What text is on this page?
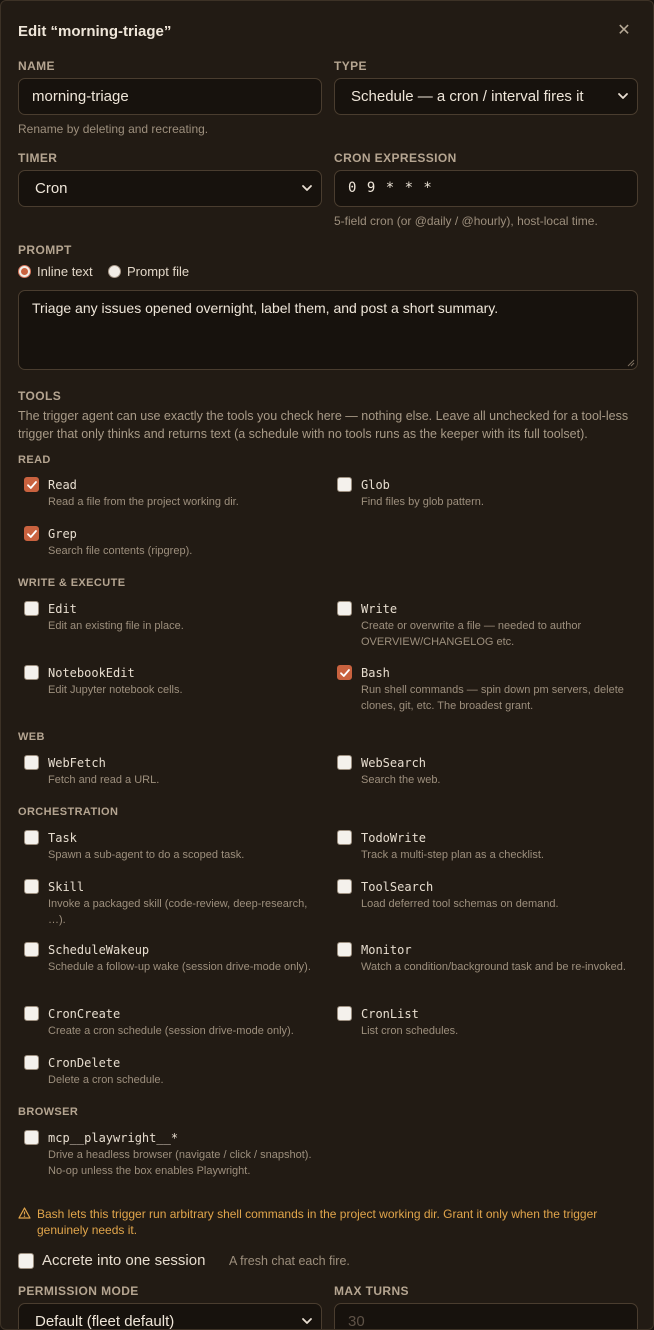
Edit “morning-triage”	✕
NAME	TYPE
morning-triage	Schedule — a cron / interval fires it
Rename by deleting and recreating.
TIMER	CRON EXPRESSION
Cron	0 9 * * *
5-field cron (or @daily / @hourly), host-local time.
PROMPT
Inline text	Prompt file
Triage any issues opened overnight, label them, and post a short summary.
TOOLS
The trigger agent can use exactly the tools you check here — nothing else. Leave all unchecked for a tool-less trigger that only thinks and returns text (a schedule with no tools runs as the keeper with its full toolset).
READ
WRITE & EXECUTE
WEB
ORCHESTRATION
BROWSER
Read
Read a file from the project working dir.
Glob
Find files by glob pattern.
Grep
Search file contents (ripgrep).
Edit
Edit an existing file in place.
Write
Create or overwrite a file — needed to author OVERVIEW/CHANGELOG etc.
NotebookEdit
Edit Jupyter notebook cells.
Bash
Run shell commands — spin down pm servers, delete clones, git, etc. The broadest grant.
WebFetch
Fetch and read a URL.
WebSearch
Search the web.
Task
Spawn a sub-agent to do a scoped task.
TodoWrite
Track a multi-step plan as a checklist.
Skill
Invoke a packaged skill (code-review, deep-research, …).
ToolSearch
Load deferred tool schemas on demand.
ScheduleWakeup
Schedule a follow-up wake (session drive-mode only).
Monitor
Watch a condition/background task and be re-invoked.
CronCreate
Create a cron schedule (session drive-mode only).
CronList
List cron schedules.
CronDelete
Delete a cron schedule.
mcp__playwright__*
Drive a headless browser (navigate / click / snapshot). No-op unless the box enables Playwright.
Bash lets this trigger run arbitrary shell commands in the project working dir. Grant it only when the trigger genuinely needs it.
Accrete into one session A fresh chat each fire.
PERMISSION MODE	MAX TURNS
Default (fleet default)	30
